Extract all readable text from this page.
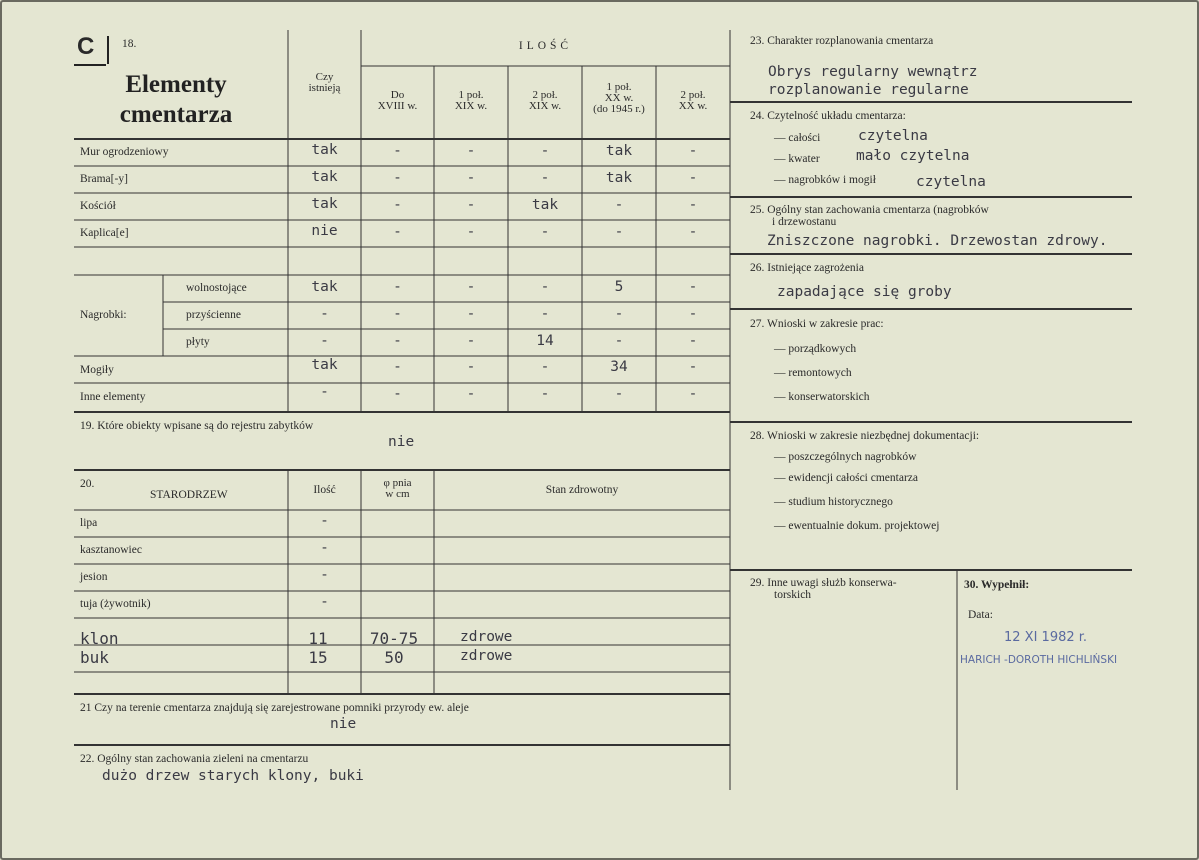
C 18.
Elementy
cmentarza
Czy istnieją
ILOŚĆ
Do
XVIII w.
1 poł.
XIX w.
2 poł.
XIX w.
1 poł.
XX w.
(do 1945 r.)
2 poł.
XX w.
Mur ogrodzeniowy	tak	-	-	-	tak	-
Brama[-y]	tak	-	-	-	tak	-
Kościół	tak	-	-	tak	-	-
Kaplica[e]	nie	-	-	-	-	-
Nagrobki:
wolnostojące	tak	-	-	-	5	-
przyścienne	-	-	-	-	-	-
płyty	-	-	-	14	-	-
Mogiły	tak	-	-	-	34	-
Inne elementy	-	-	-	-	-	-
19. Które obiekty wpisane są do rejestru zabytków
nie
20.
STARODRZEW	Ilość
φ pnia
w cm	Stan zdrowotny
lipa	-
kasztanowiec	-
jesion	-
tuja (żywotnik)	-
klon	11	70-75	zdrowe
buk	15	50	zdrowe
21 Czy na terenie cmentarza znajdują się zarejestrowane pomniki przyrody ew. aleje
nie
22. Ogólny stan zachowania zieleni na cmentarzu
dużo drzew starych klony, buki
23. Charakter rozplanowania cmentarza
Obrys regularny wewnątrz
rozplanowanie regularne
24. Czytelność układu cmentarza:
— całości	czytelna
— kwater	mało czytelna
— nagrobków i mogił	czytelna
25. Ogólny stan zachowania cmentarza (nagrobków
i drzewostanu
Zniszczone nagrobki. Drzewostan zdrowy.
26. Istniejące zagrożenia
zapadające się groby
27. Wnioski w zakresie prac:
— porządkowych
— remontowych
— konserwatorskich
28. Wnioski w zakresie niezbędnej dokumentacji:
— poszczególnych nagrobków
— ewidencji całości cmentarza
— studium historycznego
— ewentualnie dokum. projektowej
29. Inne uwagi służb konserwa-
torskich
30. Wypełnił:
Data:
12 XI 1982 r.
HARICH -DOROTH HICHLIŃSKI
